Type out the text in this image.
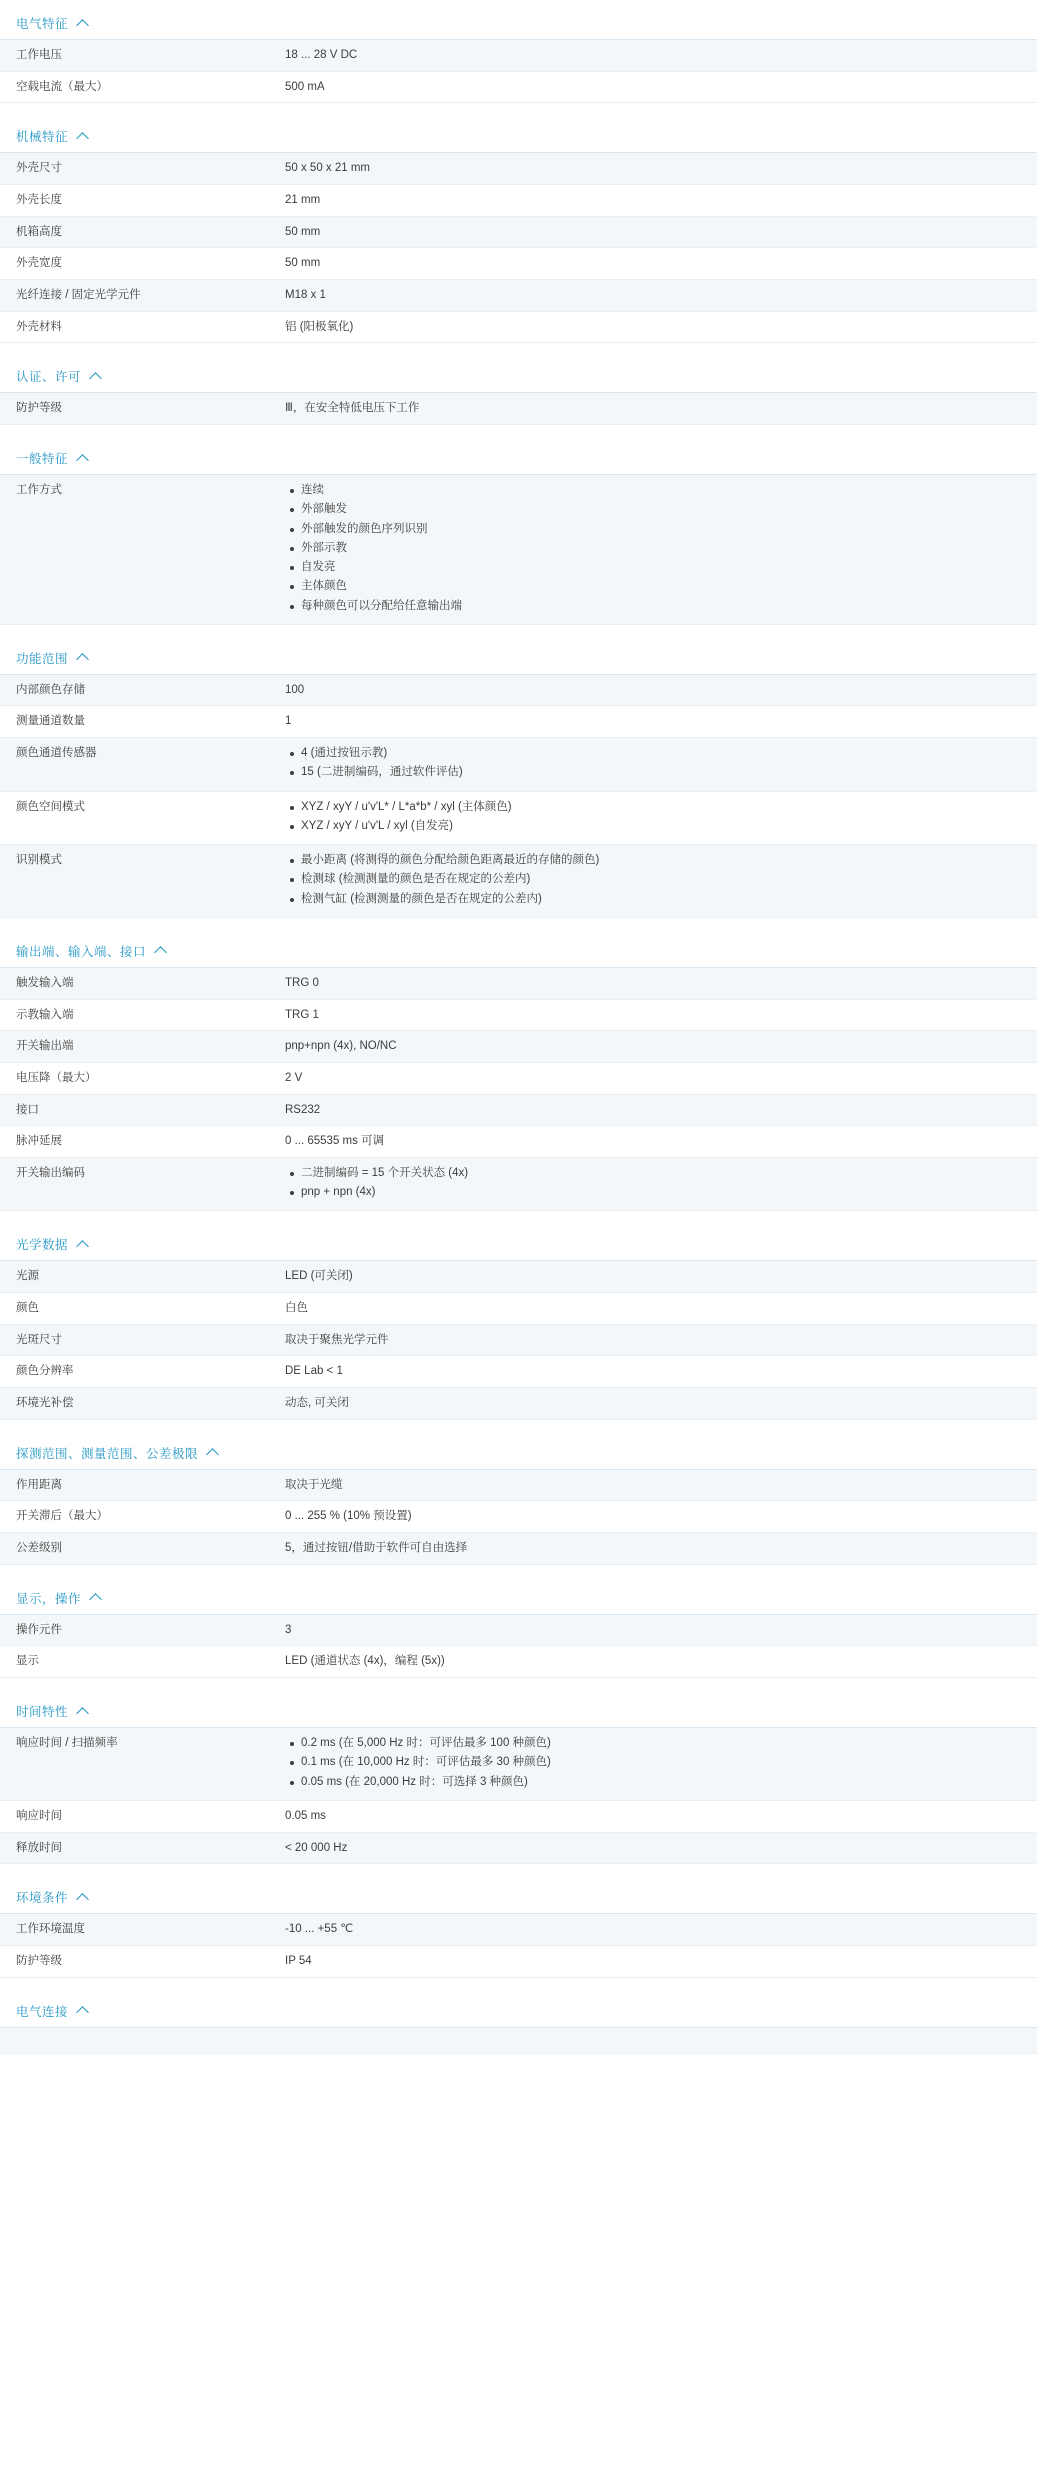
电气特征
工作电压	18 ... 28 V DC
空载电流（最大）	500 mA
机械特征
外壳尺寸	50 x 50 x 21 mm
外壳长度	21 mm
机箱高度	50 mm
外壳宽度	50 mm
光纤连接 / 固定光学元件	M18 x 1
外壳材料	铝 (阳极氧化)
认证、许可
防护等级	Ⅲ，在安全特低电压下工作
一般特征
工作方式	连续
外部触发
外部触发的颜色序列识别
外部示教
自发亮
主体颜色
每种颜色可以分配给任意输出端
功能范围
内部颜色存储	100
测量通道数量	1
颜色通道传感器	4 (通过按钮示教)
15 (二进制编码，通过软件评估)
颜色空间模式	XYZ / xyY / u'v'L* / L*a*b* / xyl (主体颜色)
XYZ / xyY / u'v'L / xyl (自发亮)
识别模式	最小距离 (将测得的颜色分配给颜色距离最近的存储的颜色)
检测球 (检测测量的颜色是否在规定的公差内)
检测气缸 (检测测量的颜色是否在规定的公差内)
输出端、输入端、接口
触发输入端	TRG 0
示教输入端	TRG 1
开关输出端	pnp+npn (4x), NO/NC
电压降（最大）	2 V
接口	RS232
脉冲延展	0 ... 65535 ms 可调
开关输出编码	二进制编码 = 15 个开关状态 (4x)
pnp + npn (4x)
光学数据
光源	LED (可关闭)
颜色	白色
光斑尺寸	取决于聚焦光学元件
颜色分辨率	DE Lab < 1
环境光补偿	动态, 可关闭
探测范围、测量范围、公差极限
作用距离	取决于光缆
开关滞后（最大）	0 ... 255 % (10% 预设置)
公差级别	5，通过按钮/借助于软件可自由选择
显示，操作
操作元件	3
显示	LED (通道状态 (4x)，编程 (5x))
时间特性
响应时间 / 扫描频率	0.2 ms (在 5,000 Hz 时：可评估最多 100 种颜色)
0.1 ms (在 10,000 Hz 时：可评估最多 30 种颜色)
0.05 ms (在 20,000 Hz 时：可选择 3 种颜色)
响应时间	0.05 ms
释放时间	< 20 000 Hz
环境条件
工作环境温度	-10 ... +55 ℃
防护等级	IP 54
电气连接
